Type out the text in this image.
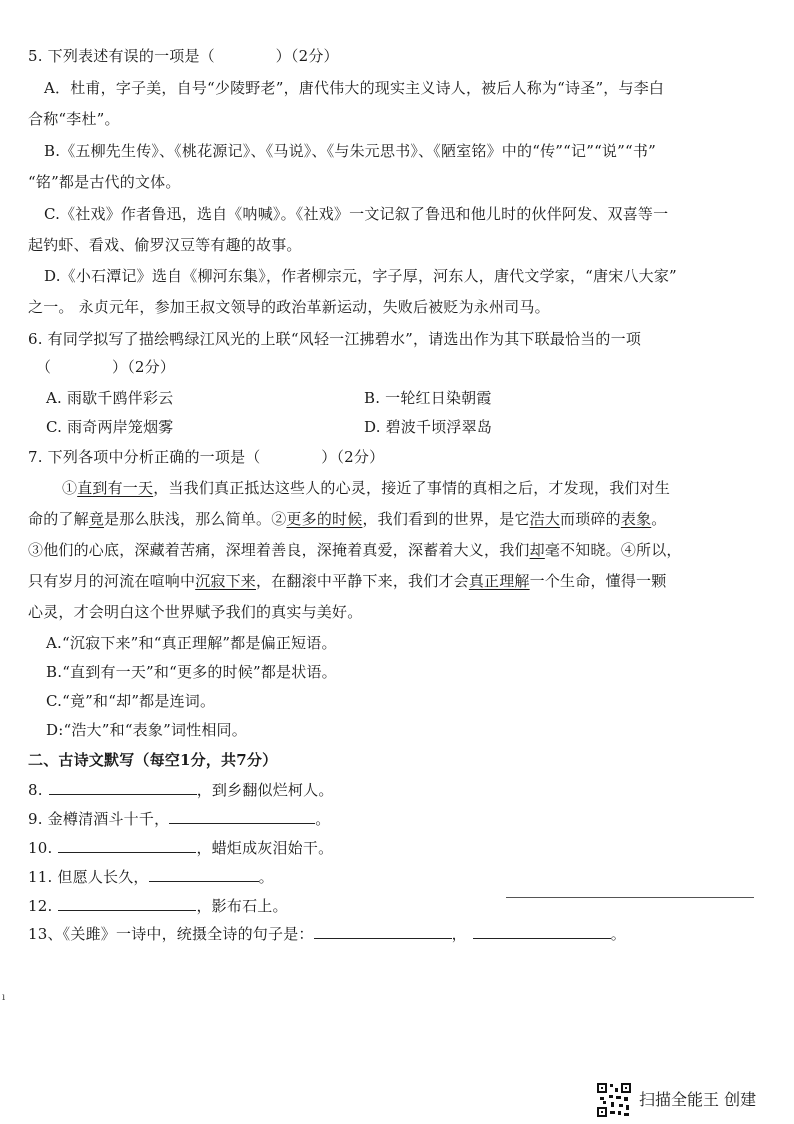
5. 下列表述有误的一项是（　　　　）（2分）
A．杜甫，字子美，自号“少陵野老”，唐代伟大的现实主义诗人，被后人称为“诗圣”，与李白
合称“李杜”。
B.《五柳先生传》、《桃花源记》、《马说》、《与朱元思书》、《陋室铭》中的“传”“记”“说”“书”
“铭”都是古代的文体。
C.《社戏》作者鲁迅，选自《呐喊》。《社戏》一文记叙了鲁迅和他儿时的伙伴阿发、双喜等一
起钓虾、看戏、偷罗汉豆等有趣的故事。
D.《小石潭记》选自《柳河东集》，作者柳宗元，字子厚，河东人，唐代文学家，“唐宋八大家”
之一。 永贞元年，参加王叔文领导的政治革新运动，失败后被贬为永州司马。
6. 有同学拟写了描绘鸭绿江风光的上联“风轻一江拂碧水”，请选出作为其下联最恰当的一项
（　　　　）（2分）
A. 雨歇千鸥伴彩云	B. 一轮红日染朝霞
C. 雨奇两岸笼烟雾	D. 碧波千顷浮翠岛
7. 下列各项中分析正确的一项是（　　　　）（2分）
①直到有一天，当我们真正抵达这些人的心灵，接近了事情的真相之后，才发现，我们对生
命的了解竟是那么肤浅，那么简单。②更多的时候，我们看到的世界，是它浩大而琐碎的表象。
③他们的心底，深藏着苦痛，深埋着善良，深掩着真爱，深蓄着大义，我们却毫不知晓。④所以，
只有岁月的河流在喧响中沉寂下来，在翻滚中平静下来，我们才会真正理解一个生命，懂得一颗
心灵，才会明白这个世界赋予我们的真实与美好。
A.“沉寂下来”和“真正理解”都是偏正短语。
B.“直到有一天”和“更多的时候”都是状语。
C.“竟”和“却”都是连词。
D:“浩大”和“表象”词性相同。
二、古诗文默写（每空1分，共7分）
8.	，到乡翻似烂柯人。
9. 金樽清酒斗十千，	。
10.	，蜡炬成灰泪始干。
11. 但愿人长久，	。
12.	，影布石上。
13、《关雎》一诗中，统摄全诗的句子是：	，	。
ı
扫描全能王 创建
